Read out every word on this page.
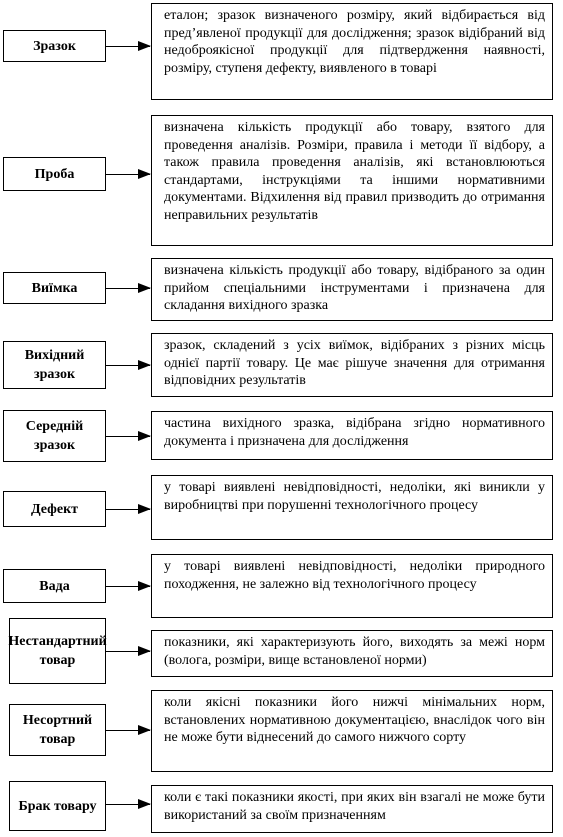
Зразок
еталон; зразок визначеного розміру, який відбирається від пред’явленої продукції для дослідження; зразок відібраний від недоброякісної продукції для підтвердження наявності, розміру, ступеня дефекту, виявленого в товарі
Проба
визначена кількість продукції або товару, взятого для проведення аналізів. Розміри, правила і методи її відбору, а також правила проведення аналізів, які встановлюються стандартами, інструкціями та іншими нормативними документами. Відхилення від правил призводить до отримання неправильних результатів
Виїмка
визначена кількість продукції або товару, відібраного за один прийом спеціальними інструментами і призначена для складання вихідного зразка
Вихідний зразок
зразок, складений з усіх виїмок, відібраних з різних місць однієї партії товару. Це має рішуче значення для отримання відповідних результатів
Середній зразок
частина вихідного зразка, відібрана згідно нормативного документа і призначена для дослідження
Дефект
у товарі виявлені невідповідності, недоліки, які виникли у виробництві при порушенні технологічного процесу
Вада
у товарі виявлені невідповідності, недоліки природного походження, не залежно від технологічного процесу
Нестандартний товар
показники, які характеризують його, виходять за межі норм (волога, розміри, вище встановленої норми)
Несортний товар
коли якісні показники його нижчі мінімальних норм, встановлених нормативною документацією, внаслідок чого він не може бути віднесений до самого нижчого сорту
Брак товару
коли є такі показники якості, при яких він взагалі не може бути використаний за своїм призначенням
